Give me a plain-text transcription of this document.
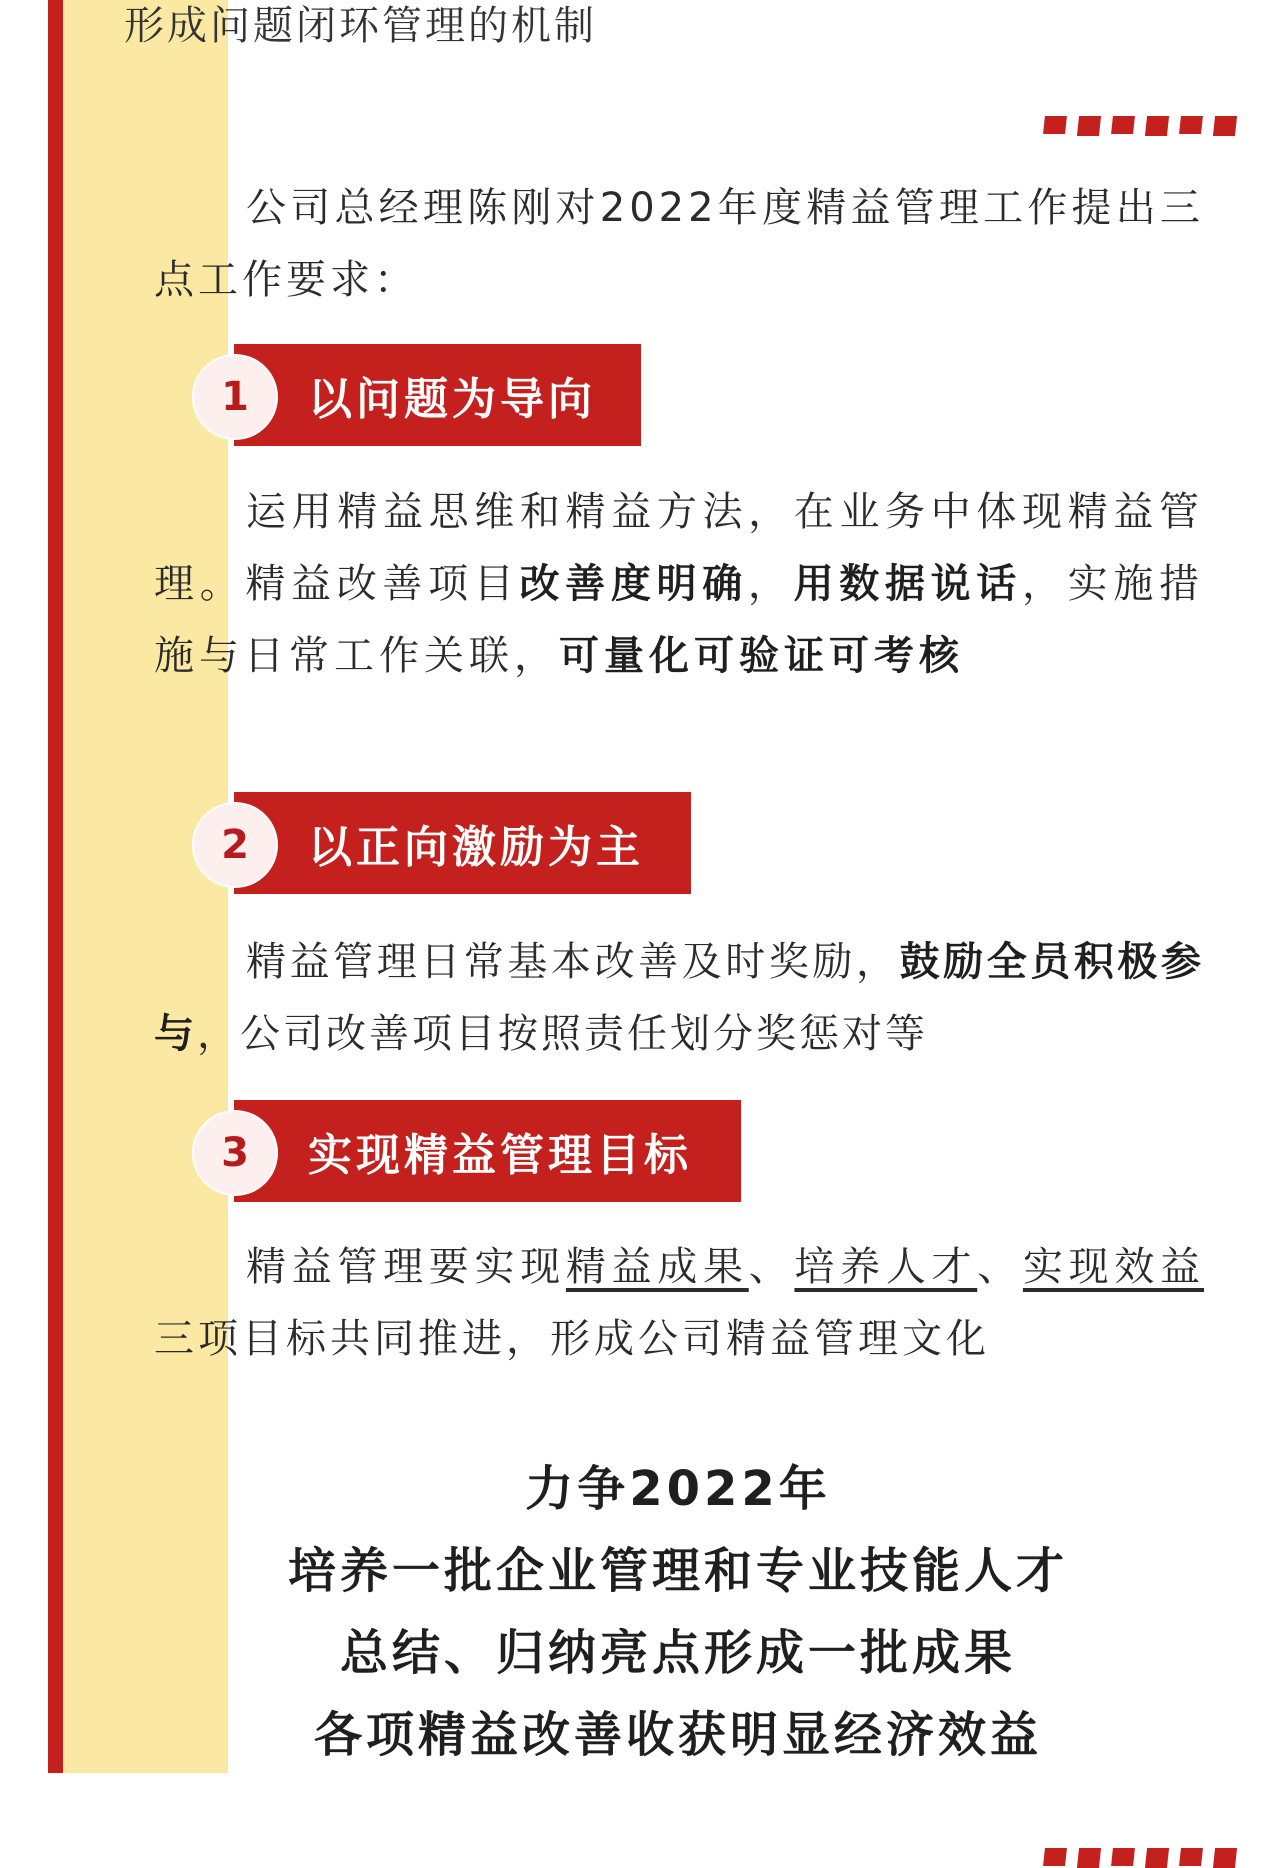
形成问题闭环管理的机制

公司总经理陈刚对2022年度精益管理工作提出三点工作要求：

1	以问题为导向

运用精益思维和精益方法，在业务中体现精益管理。精益改善项目改善度明确，用数据说话，实施措施与日常工作关联，可量化可验证可考核

2	以正向激励为主

精益管理日常基本改善及时奖励，鼓励全员积极参与，公司改善项目按照责任划分奖惩对等

3	实现精益管理目标

精益管理要实现精益成果、培养人才、实现效益三项目标共同推进，形成公司精益管理文化

力争2022年
培养一批企业管理和专业技能人才
总结、归纳亮点形成一批成果
各项精益改善收获明显经济效益
